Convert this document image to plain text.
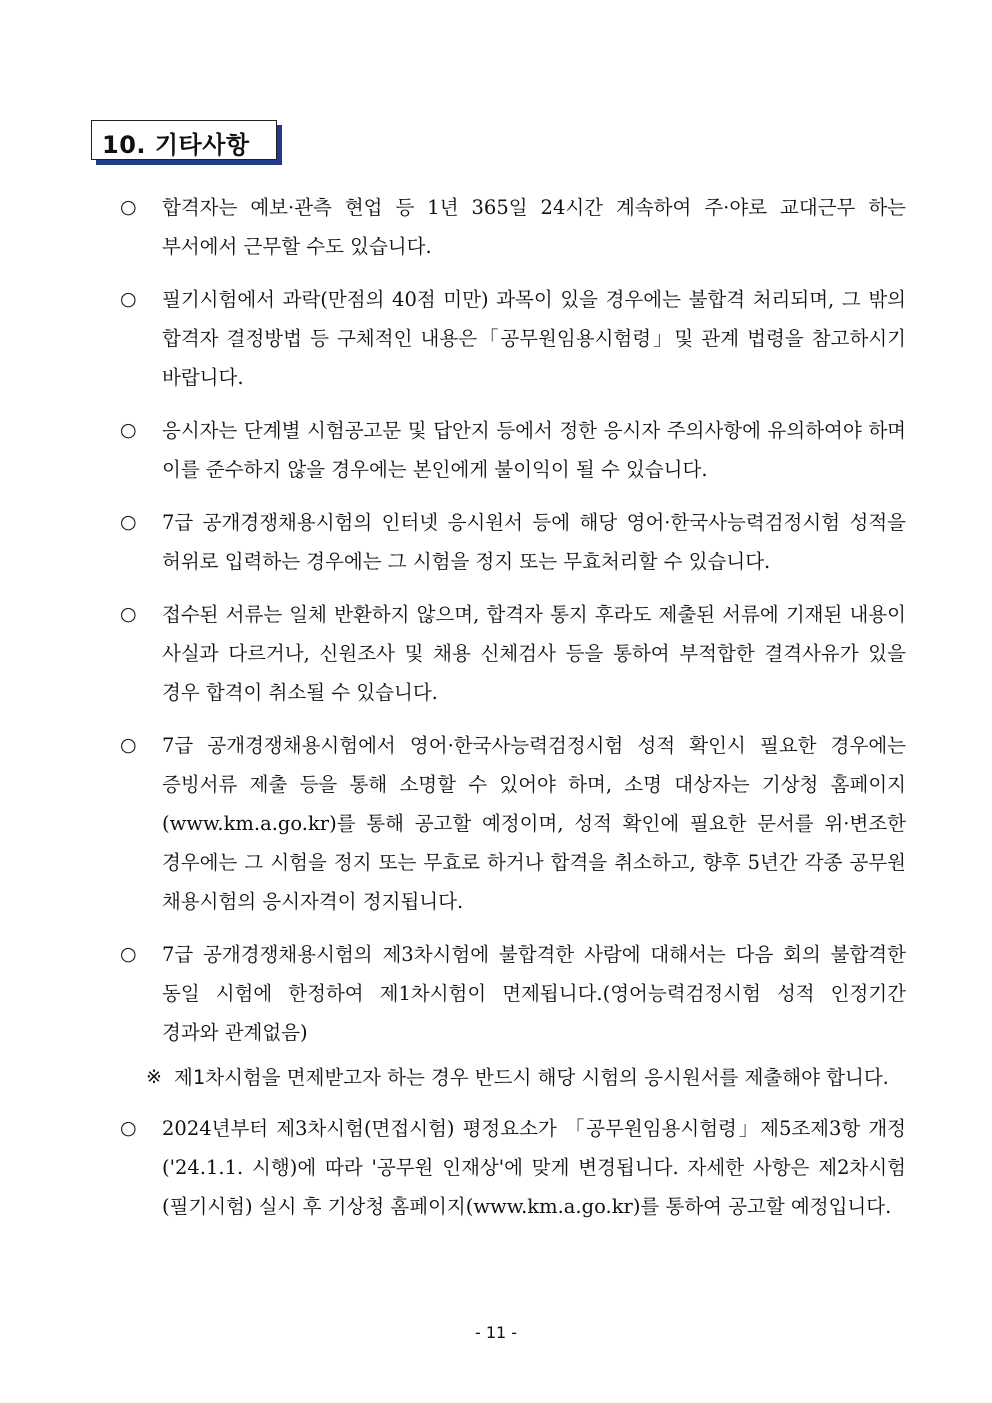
10. 기타사항
○	합격자는 예보·관측 현업 등 1년 365일 24시간 계속하여 주·야로 교대근무 하는 부서에서 근무할 수도 있습니다.
○	필기시험에서 과락(만점의 40점 미만) 과목이 있을 경우에는 불합격 처리되며, 그 밖의 합격자 결정방법 등 구체적인 내용은「공무원임용시험령」및 관계 법령을 참고하시기 바랍니다.
○	응시자는 단계별 시험공고문 및 답안지 등에서 정한 응시자 주의사항에 유의하여야 하며 이를 준수하지 않을 경우에는 본인에게 불이익이 될 수 있습니다.
○	7급 공개경쟁채용시험의 인터넷 응시원서 등에 해당 영어·한국사능력검정시험 성적을 허위로 입력하는 경우에는 그 시험을 정지 또는 무효처리할 수 있습니다.
○	접수된 서류는 일체 반환하지 않으며, 합격자 통지 후라도 제출된 서류에 기재된 내용이 사실과 다르거나, 신원조사 및 채용 신체검사 등을 통하여 부적합한 결격사유가 있을 경우 합격이 취소될 수 있습니다.
○	7급 공개경쟁채용시험에서 영어·한국사능력검정시험 성적 확인시 필요한 경우에는 증빙서류 제출 등을 통해 소명할 수 있어야 하며, 소명 대상자는 기상청 홈페이지(www.km.a.go.kr)를 통해 공고할 예정이며, 성적 확인에 필요한 문서를 위·변조한 경우에는 그 시험을 정지 또는 무효로 하거나 합격을 취소하고, 향후 5년간 각종 공무원 채용시험의 응시자격이 정지됩니다.
○	7급 공개경쟁채용시험의 제3차시험에 불합격한 사람에 대해서는 다음 회의 불합격한 동일 시험에 한정하여 제1차시험이 면제됩니다.(영어능력검정시험 성적 인정기간 경과와 관계없음)
※ 제1차시험을 면제받고자 하는 경우 반드시 해당 시험의 응시원서를 제출해야 합니다.
○	2024년부터 제3차시험(면접시험) 평정요소가 「공무원임용시험령」제5조제3항 개정('24.1.1. 시행)에 따라 '공무원 인재상'에 맞게 변경됩니다. 자세한 사항은 제2차시험(필기시험) 실시 후 기상청 홈페이지(www.km.a.go.kr)를 통하여 공고할 예정입니다.
- 11 -
